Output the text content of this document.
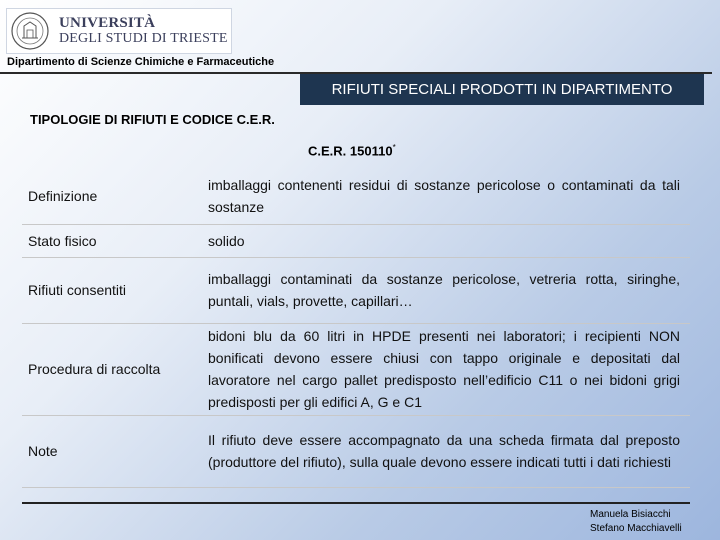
UNIVERSITÀ
DEGLI STUDI DI TRIESTE
Dipartimento di Scienze Chimiche e Farmaceutiche
RIFIUTI SPECIALI PRODOTTI IN DIPARTIMENTO
TIPOLOGIE DI RIFIUTI E CODICE C.E.R.
C.E.R. 150110*
Definizione	imballaggi contenenti residui di sostanze pericolose o contaminati da tali sostanze
Stato fisico	solido
Rifiuti consentiti	imballaggi contaminati da sostanze pericolose, vetreria rotta, siringhe, puntali, vials, provette, capillari…
Procedura di raccolta	bidoni blu da 60 litri in HPDE presenti nei laboratori; i recipienti NON bonificati devono essere chiusi con tappo originale e depositati dal lavoratore nel cargo pallet predisposto nell’edificio C11 o nei bidoni grigi predisposti per gli edifici A, G e C1
Note	Il rifiuto deve essere accompagnato da una scheda firmata dal preposto (produttore del rifiuto), sulla quale devono essere indicati tutti i dati richiesti
Manuela Bisiacchi
Stefano Macchiavelli
